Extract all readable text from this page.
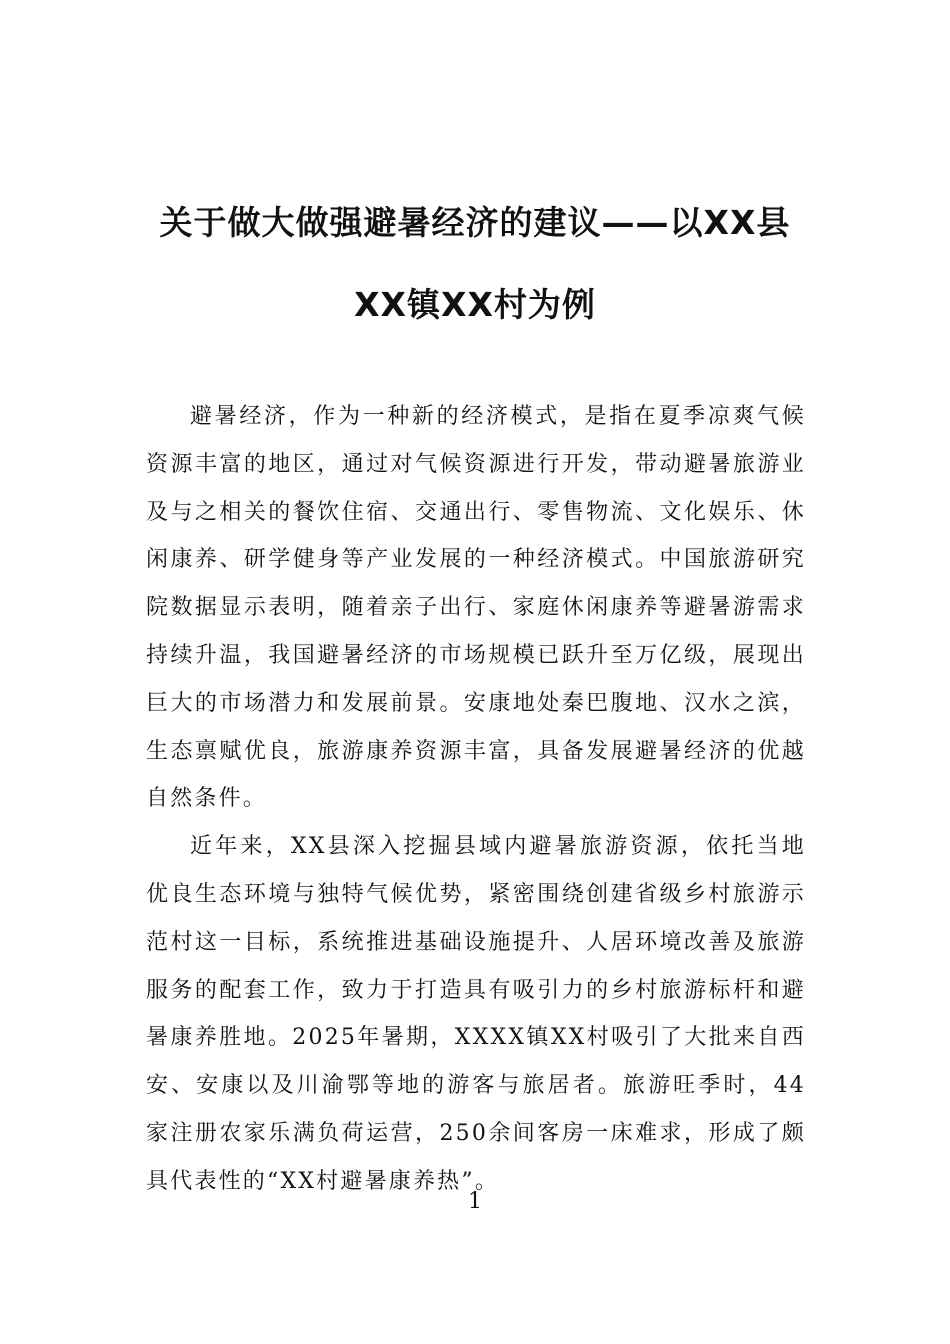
关于做大做强避暑经济的建议——以XX县
XX镇XX村为例

避暑经济，作为一种新的经济模式，是指在夏季凉爽气候资源丰富的地区，通过对气候资源进行开发，带动避暑旅游业及与之相关的餐饮住宿、交通出行、零售物流、文化娱乐、休闲康养、研学健身等产业发展的一种经济模式。中国旅游研究院数据显示表明，随着亲子出行、家庭休闲康养等避暑游需求持续升温，我国避暑经济的市场规模已跃升至万亿级，展现出巨大的市场潜力和发展前景。安康地处秦巴腹地、汉水之滨，生态禀赋优良，旅游康养资源丰富，具备发展避暑经济的优越自然条件。

近年来，XX县深入挖掘县域内避暑旅游资源，依托当地优良生态环境与独特气候优势，紧密围绕创建省级乡村旅游示范村这一目标，系统推进基础设施提升、人居环境改善及旅游服务的配套工作，致力于打造具有吸引力的乡村旅游标杆和避暑康养胜地。2025年暑期，XXXX镇XX村吸引了大批来自西安、安康以及川渝鄂等地的游客与旅居者。旅游旺季时，44家注册农家乐满负荷运营，250余间客房一床难求，形成了颇具代表性的“XX村避暑康养热”。

1
